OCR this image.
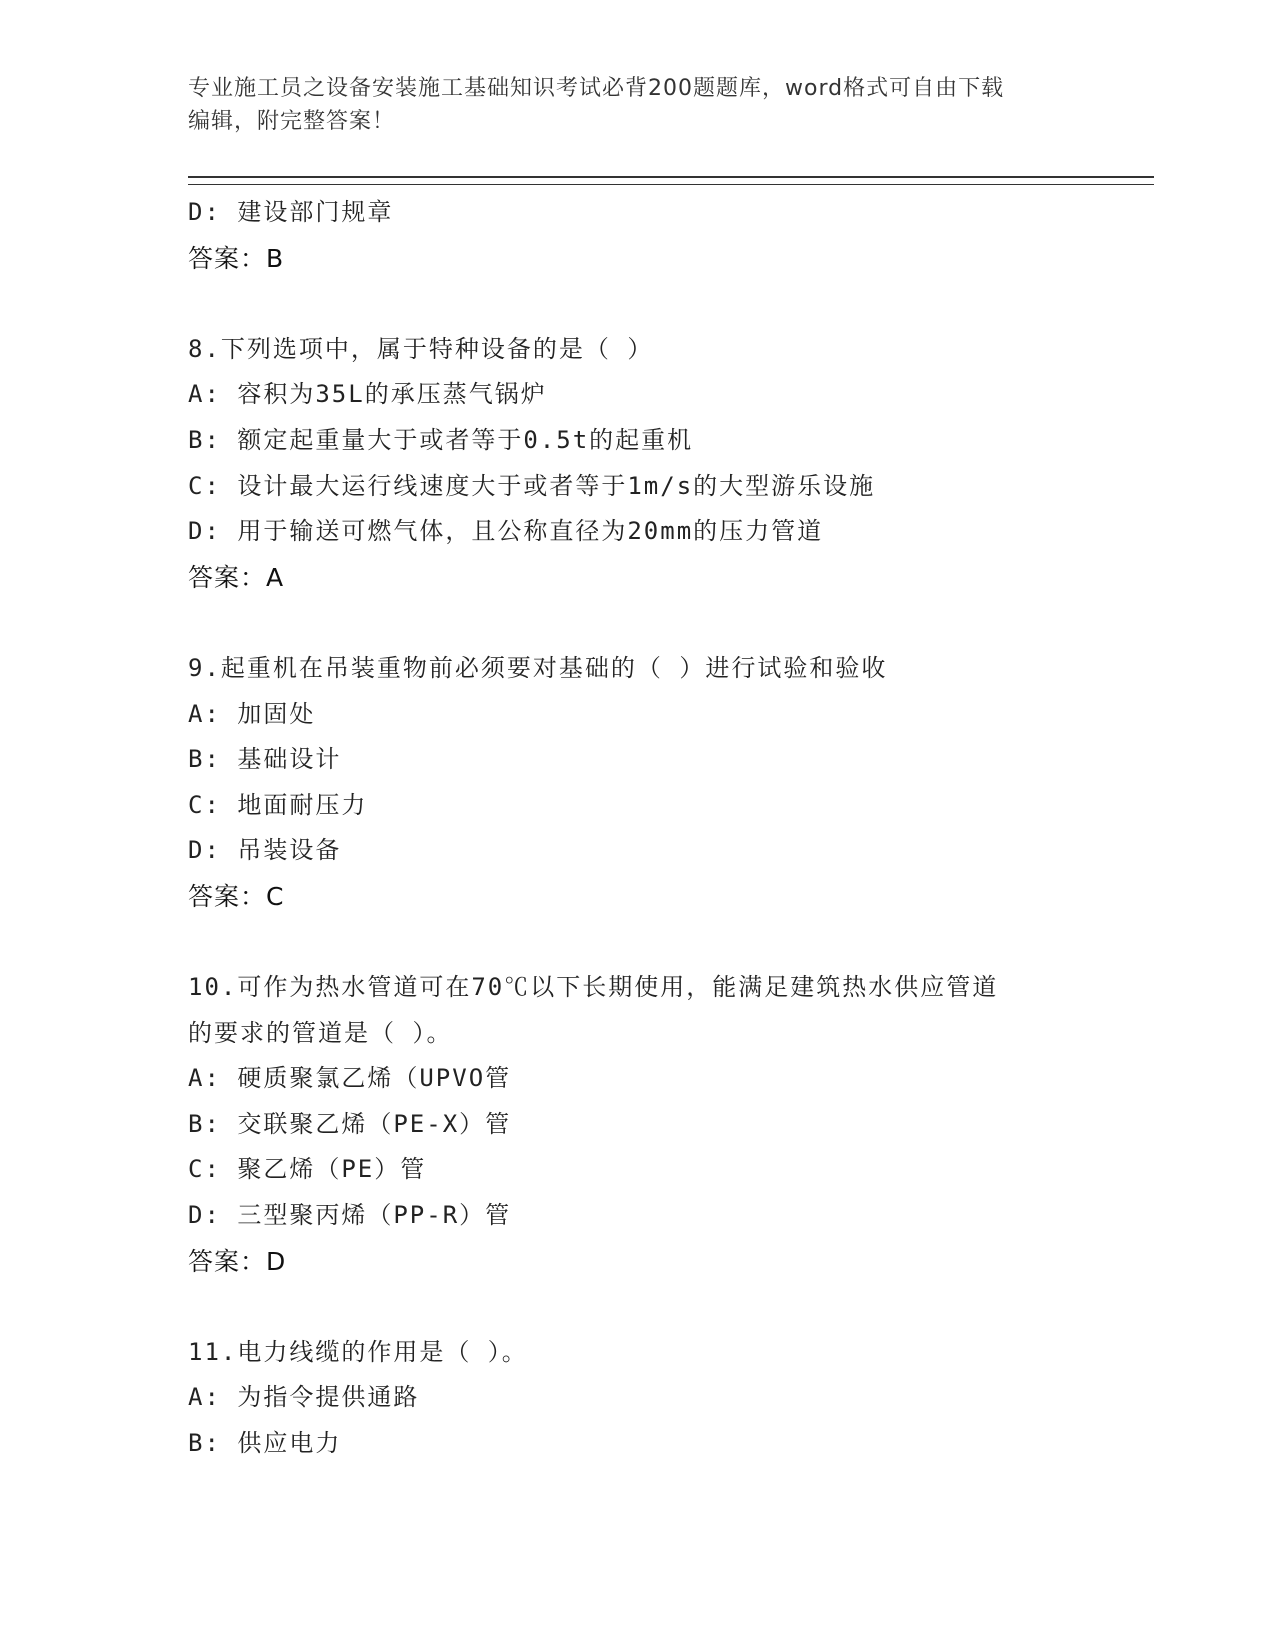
专业施工员之设备安装施工基础知识考试必背200题题库，word格式可自由下载
编辑，附完整答案！
D: 建设部门规章
答案：B
8.下列选项中，属于特种设备的是（ ）
A: 容积为35L的承压蒸气锅炉
B: 额定起重量大于或者等于0.5t的起重机
C: 设计最大运行线速度大于或者等于1m/s的大型游乐设施
D: 用于输送可燃气体，且公称直径为20mm的压力管道
答案：A
9.起重机在吊装重物前必须要对基础的（ ）进行试验和验收
A: 加固处
B: 基础设计
C: 地面耐压力
D: 吊装设备
答案：C
10.可作为热水管道可在70℃以下长期使用，能满足建筑热水供应管道
的要求的管道是（ ）。
A: 硬质聚氯乙烯（UPVO管
B: 交联聚乙烯（PE-X）管
C: 聚乙烯（PE）管
D: 三型聚丙烯（PP-R）管
答案：D
11.电力线缆的作用是（ ）。
A: 为指令提供通路
B: 供应电力
